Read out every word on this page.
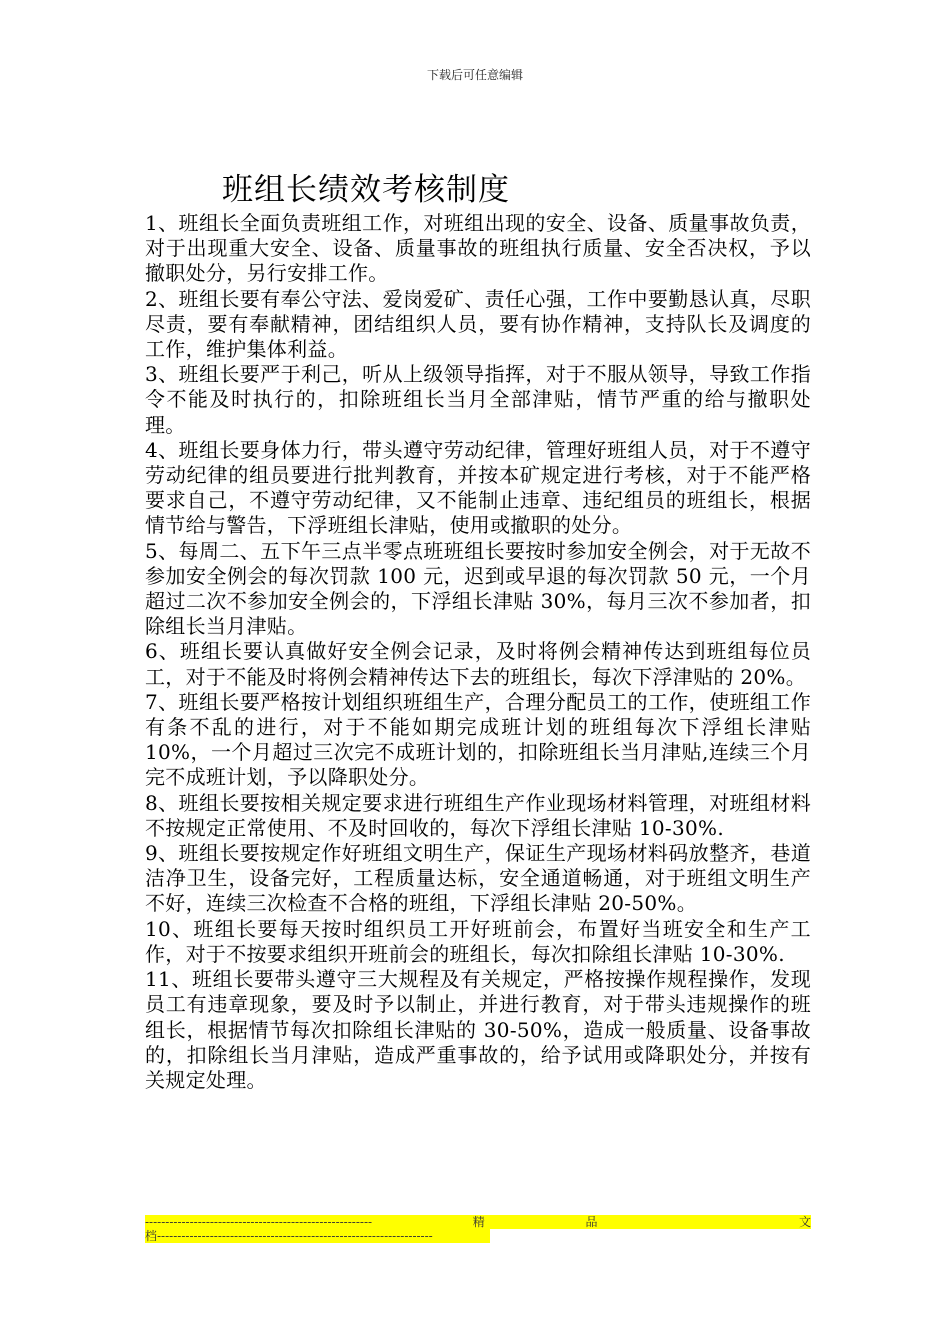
下载后可任意编辑
班组长绩效考核制度

1、班组长全面负责班组工作，对班组出现的安全、设备、质量事故负责，对于出现重大安全、设备、质量事故的班组执行质量、安全否决权，予以撤职处分，另行安排工作。

2、班组长要有奉公守法、爱岗爱矿、责任心强，工作中要勤恳认真，尽职尽责，要有奉献精神，团结组织人员，要有协作精神，支持队长及调度的工作，维护集体利益。

3、班组长要严于利己，听从上级领导指挥，对于不服从领导，导致工作指令不能及时执行的，扣除班组长当月全部津贴，情节严重的给与撤职处理。

4、班组长要身体力行，带头遵守劳动纪律，管理好班组人员，对于不遵守劳动纪律的组员要进行批判教育，并按本矿规定进行考核，对于不能严格要求自己，不遵守劳动纪律，又不能制止违章、违纪组员的班组长，根据情节给与警告，下浮班组长津贴，使用或撤职的处分。

5、每周二、五下午三点半零点班班组长要按时参加安全例会，对于无故不参加安全例会的每次罚款 100 元，迟到或早退的每次罚款 50 元，一个月超过二次不参加安全例会的，下浮组长津贴 30%，每月三次不参加者，扣除组长当月津贴。

6、班组长要认真做好安全例会记录，及时将例会精神传达到班组每位员工，对于不能及时将例会精神传达下去的班组长，每次下浮津贴的 20%。

7、班组长要严格按计划组织班组生产，合理分配员工的工作，使班组工作有条不乱的进行，对于不能如期完成班计划的班组每次下浮组长津贴 10%，一个月超过三次完不成班计划的，扣除班组长当月津贴,连续三个月完不成班计划，予以降职处分。

8、班组长要按相关规定要求进行班组生产作业现场材料管理，对班组材料不按规定正常使用、不及时回收的，每次下浮组长津贴 10-30%.

9、班组长要按规定作好班组文明生产，保证生产现场材料码放整齐，巷道洁净卫生，设备完好，工程质量达标，安全通道畅通，对于班组文明生产不好，连续三次检查不合格的班组，下浮组长津贴 20-50%。

10、班组长要每天按时组织员工开好班前会，布置好当班安全和生产工作，对于不按要求组织开班前会的班组长，每次扣除组长津贴 10-30%.

11、班组长要带头遵守三大规程及有关规定，严格按操作规程操作，发现员工有违章现象，要及时予以制止，并进行教育，对于带头违规操作的班组长，根据情节每次扣除组长津贴的 30-50%，造成一般质量、设备事故的，扣除组长当月津贴，造成严重事故的，给予试用或降职处分，并按有关规定处理。

--------------------------------------------------------	精	品	文
档--------------------------------------------------------------------
